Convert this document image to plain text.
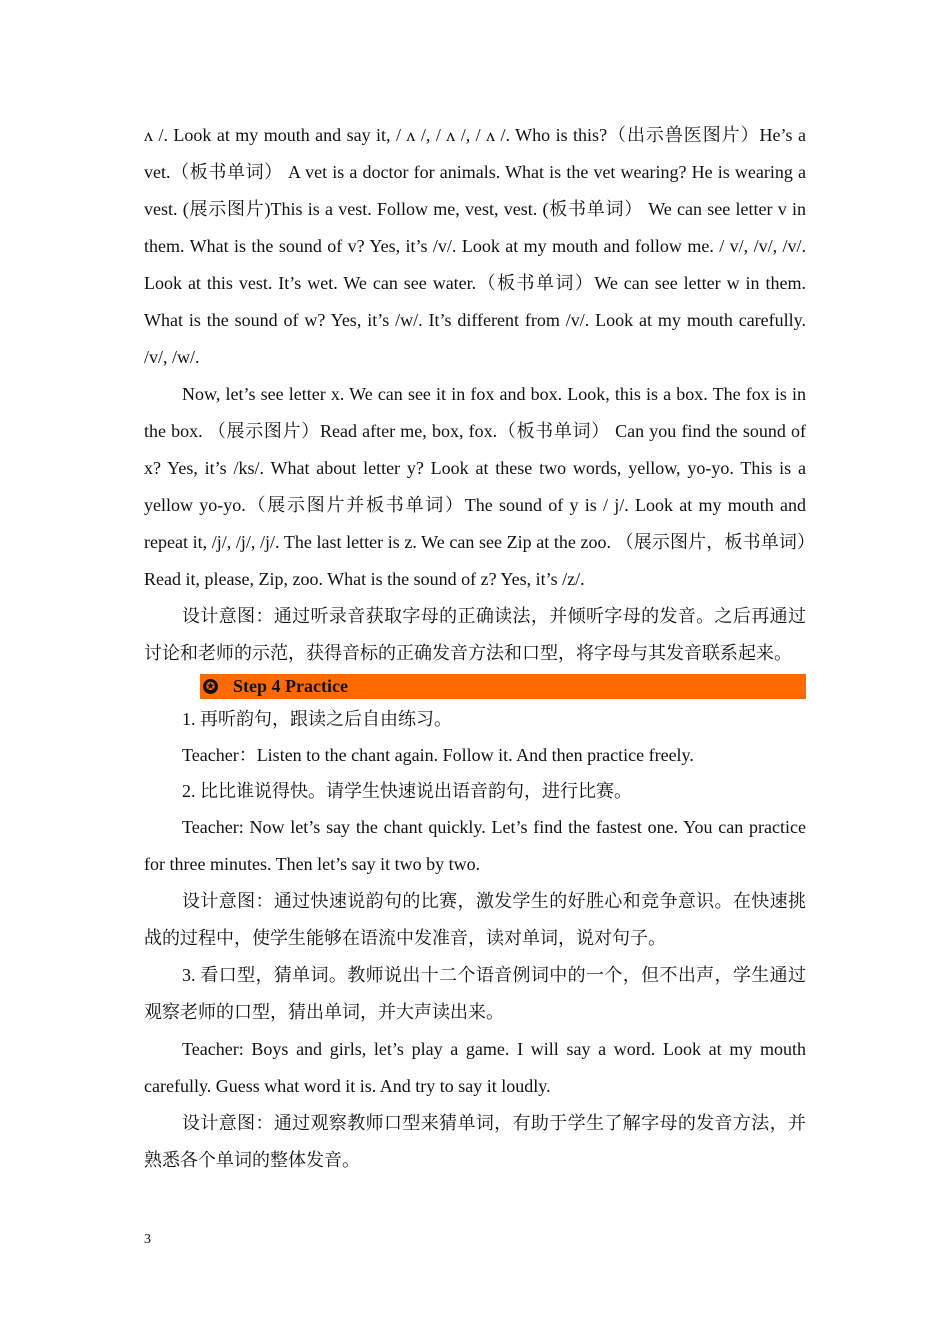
ʌ /. Look at my mouth and say it, / ʌ /, / ʌ /, / ʌ /. Who is this?（出示兽医图片）He’s a vet.（板书单词） A vet is a doctor for animals. What is the vet wearing? He is wearing a vest. (展示图片)This is a vest. Follow me, vest, vest. (板书单词） We can see letter v in them. What is the sound of v? Yes, it’s /v/. Look at my mouth and follow me. / v/, /v/, /v/. Look at this vest. It’s wet. We can see water.（板书单词）We can see letter w in them. What is the sound of w? Yes, it’s /w/. It’s different from /v/. Look at my mouth carefully. /v/, /w/.

Now, let’s see letter x. We can see it in fox and box. Look, this is a box. The fox is in the box. （展示图片）Read after me, box, fox.（板书单词） Can you find the sound of x? Yes, it’s /ks/. What about letter y? Look at these two words, yellow, yo-yo. This is a yellow yo-yo.（展示图片并板书单词）The sound of y is / j/. Look at my mouth and repeat it, /j/, /j/, /j/. The last letter is z. We can see Zip at the zoo. （展示图片，板书单词）Read it, please, Zip, zoo. What is the sound of z? Yes, it’s /z/.

设计意图：通过听录音获取字母的正确读法，并倾听字母的发音。之后再通过讨论和老师的示范，获得音标的正确发音方法和口型，将字母与其发音联系起来。

✪ Step 4 Practice

1. 再听韵句，跟读之后自由练习。

Teacher：Listen to the chant again. Follow it. And then practice freely.

2. 比比谁说得快。请学生快速说出语音韵句，进行比赛。

Teacher: Now let’s say the chant quickly. Let’s find the fastest one. You can practice for three minutes. Then let’s say it two by two.

设计意图：通过快速说韵句的比赛，激发学生的好胜心和竞争意识。在快速挑战的过程中，使学生能够在语流中发准音，读对单词，说对句子。

3. 看口型，猜单词。教师说出十二个语音例词中的一个，但不出声，学生通过观察老师的口型，猜出单词，并大声读出来。

Teacher: Boys and girls, let’s play a game. I will say a word. Look at my mouth carefully. Guess what word it is. And try to say it loudly.

设计意图：通过观察教师口型来猜单词，有助于学生了解字母的发音方法，并熟悉各个单词的整体发音。

3
